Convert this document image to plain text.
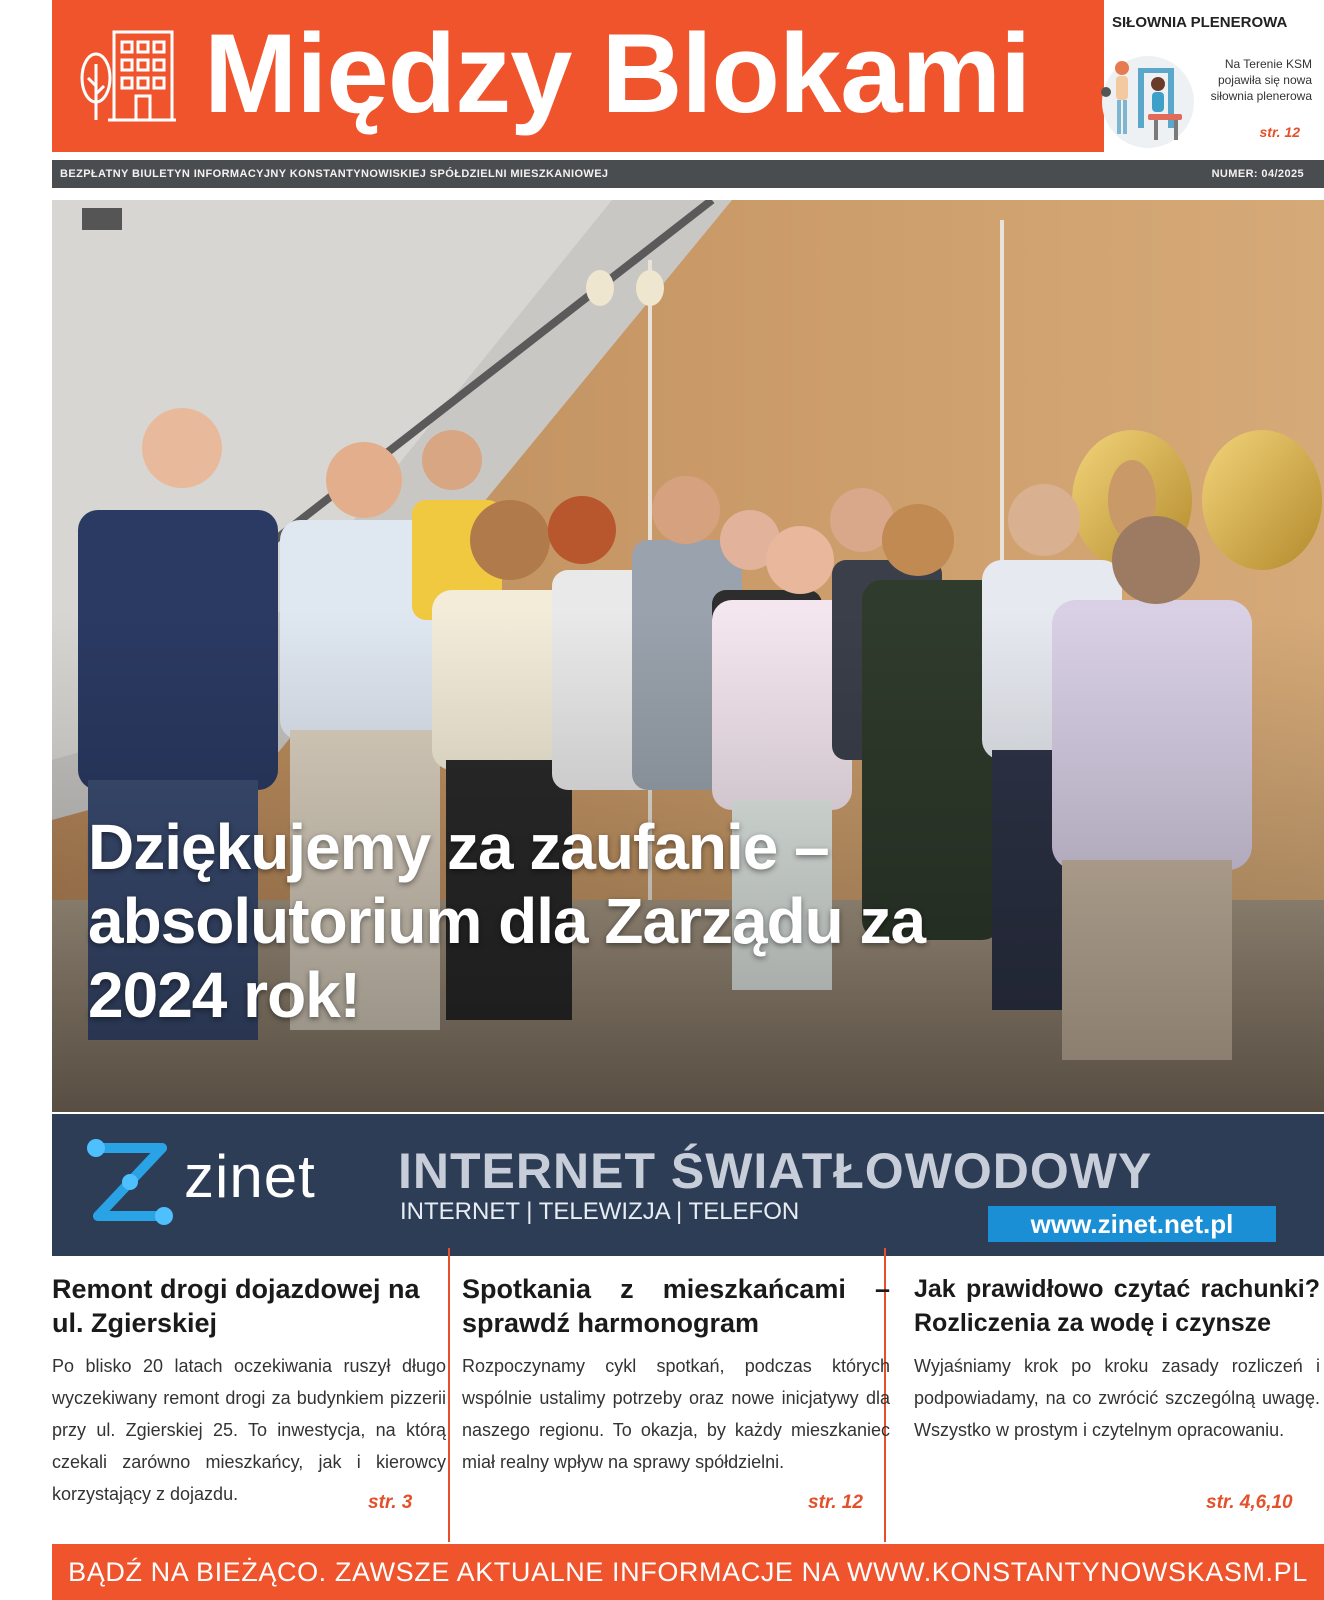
Między Blokami	SIŁOWNIA PLENEROWA
Na Terenie KSM pojawiła się nowa siłownia plenerowa
str. 12
BEZPŁATNY BIULETYN INFORMACYJNY KONSTANTYNOWISKIEJ SPÓŁDZIELNI MIESZKANIOWEJ	NUMER: 04/2025
Dziękujemy za zaufanie – absolutorium dla Zarządu za 2024 rok!
zinet INTERNET ŚWIATŁOWODOWY
INTERNET | TELEWIZJA | TELEFON	www.zinet.net.pl
Remont drogi dojazdowej na ul. Zgierskiej

Po blisko 20 latach oczekiwania ruszył długo wyczekiwany remont drogi za budynkiem pizzerii przy ul. Zgierskiej 25. To inwestycja, na którą czekali zarówno mieszkańcy, jak i kierowcy korzystający z dojazdu.	str. 3
Spotkania z mieszkańcami – sprawdź harmonogram

Rozpoczynamy cykl spotkań, podczas których wspólnie ustalimy potrzeby oraz nowe inicjatywy dla naszego regionu. To okazja, by każdy mieszkaniec miał realny wpływ na sprawy spółdzielni.

str. 12
Jak prawidłowo czytać rachunki? Rozliczenia za wodę i czynsze

Wyjaśniamy krok po kroku zasady rozliczeń i podpowiadamy, na co zwrócić szczególną uwagę. Wszystko w prostym i czytelnym opracowaniu.

str. 4,6,10
BĄDŹ NA BIEŻĄCO. ZAWSZE AKTUALNE INFORMACJE NA WWW.KONSTANTYNOWSKASM.PL
